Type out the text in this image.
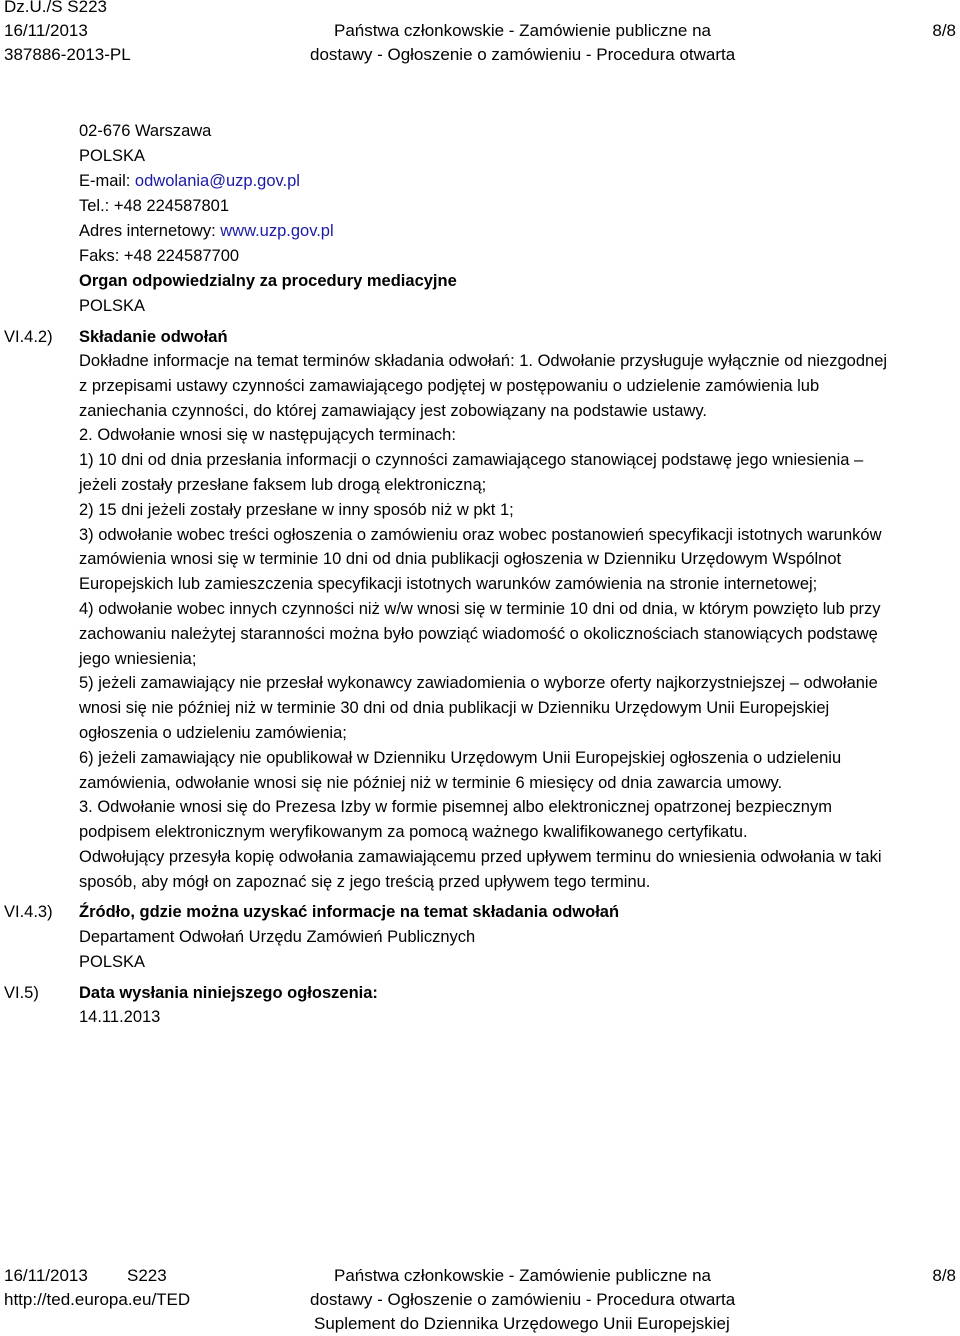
Dz.U./S S223
16/11/2013
387886-2013-PL
Państwa członkowskie - Zamówienie publiczne na
dostawy - Ogłoszenie o zamówieniu - Procedura otwarta
8/8
02-676 Warszawa
POLSKA
E-mail: odwolania@uzp.gov.pl
Tel.: +48 224587801
Adres internetowy: www.uzp.gov.pl
Faks: +48 224587700
Organ odpowiedzialny za procedury mediacyjne
POLSKA
VI.4.2) Składanie odwołań
Dokładne informacje na temat terminów składania odwołań: 1. Odwołanie przysługuje wyłącznie od niezgodnej
z przepisami ustawy czynności zamawiającego podjętej w postępowaniu o udzielenie zamówienia lub
zaniechania czynności, do której zamawiający jest zobowiązany na podstawie ustawy.
2. Odwołanie wnosi się w następujących terminach:
1) 10 dni od dnia przesłania informacji o czynności zamawiającego stanowiącej podstawę jego wniesienia –
jeżeli zostały przesłane faksem lub drogą elektroniczną;
2) 15 dni jeżeli zostały przesłane w inny sposób niż w pkt 1;
3) odwołanie wobec treści ogłoszenia o zamówieniu oraz wobec postanowień specyfikacji istotnych warunków
zamówienia wnosi się w terminie 10 dni od dnia publikacji ogłoszenia w Dzienniku Urzędowym Wspólnot
Europejskich lub zamieszczenia specyfikacji istotnych warunków zamówienia na stronie internetowej;
4) odwołanie wobec innych czynności niż w/w wnosi się w terminie 10 dni od dnia, w którym powzięto lub przy
zachowaniu należytej staranności można było powziąć wiadomość o okolicznościach stanowiących podstawę
jego wniesienia;
5) jeżeli zamawiający nie przesłał wykonawcy zawiadomienia o wyborze oferty najkorzystniejszej – odwołanie
wnosi się nie później niż w terminie 30 dni od dnia publikacji w Dzienniku Urzędowym Unii Europejskiej
ogłoszenia o udzieleniu zamówienia;
6) jeżeli zamawiający nie opublikował w Dzienniku Urzędowym Unii Europejskiej ogłoszenia o udzieleniu
zamówienia, odwołanie wnosi się nie później niż w terminie 6 miesięcy od dnia zawarcia umowy.
3. Odwołanie wnosi się do Prezesa Izby w formie pisemnej albo elektronicznej opatrzonej bezpiecznym
podpisem elektronicznym weryfikowanym za pomocą ważnego kwalifikowanego certyfikatu.
Odwołujący przesyła kopię odwołania zamawiającemu przed upływem terminu do wniesienia odwołania w taki
sposób, aby mógł on zapoznać się z jego treścią przed upływem tego terminu.
VI.4.3) Źródło, gdzie można uzyskać informacje na temat składania odwołań
Departament Odwołań Urzędu Zamówień Publicznych
POLSKA
VI.5) Data wysłania niniejszego ogłoszenia:
14.11.2013
16/11/2013 S223
http://ted.europa.eu/TED
Państwa członkowskie - Zamówienie publiczne na
dostawy - Ogłoszenie o zamówieniu - Procedura otwarta
Suplement do Dziennika Urzędowego Unii Europejskiej
8/8
